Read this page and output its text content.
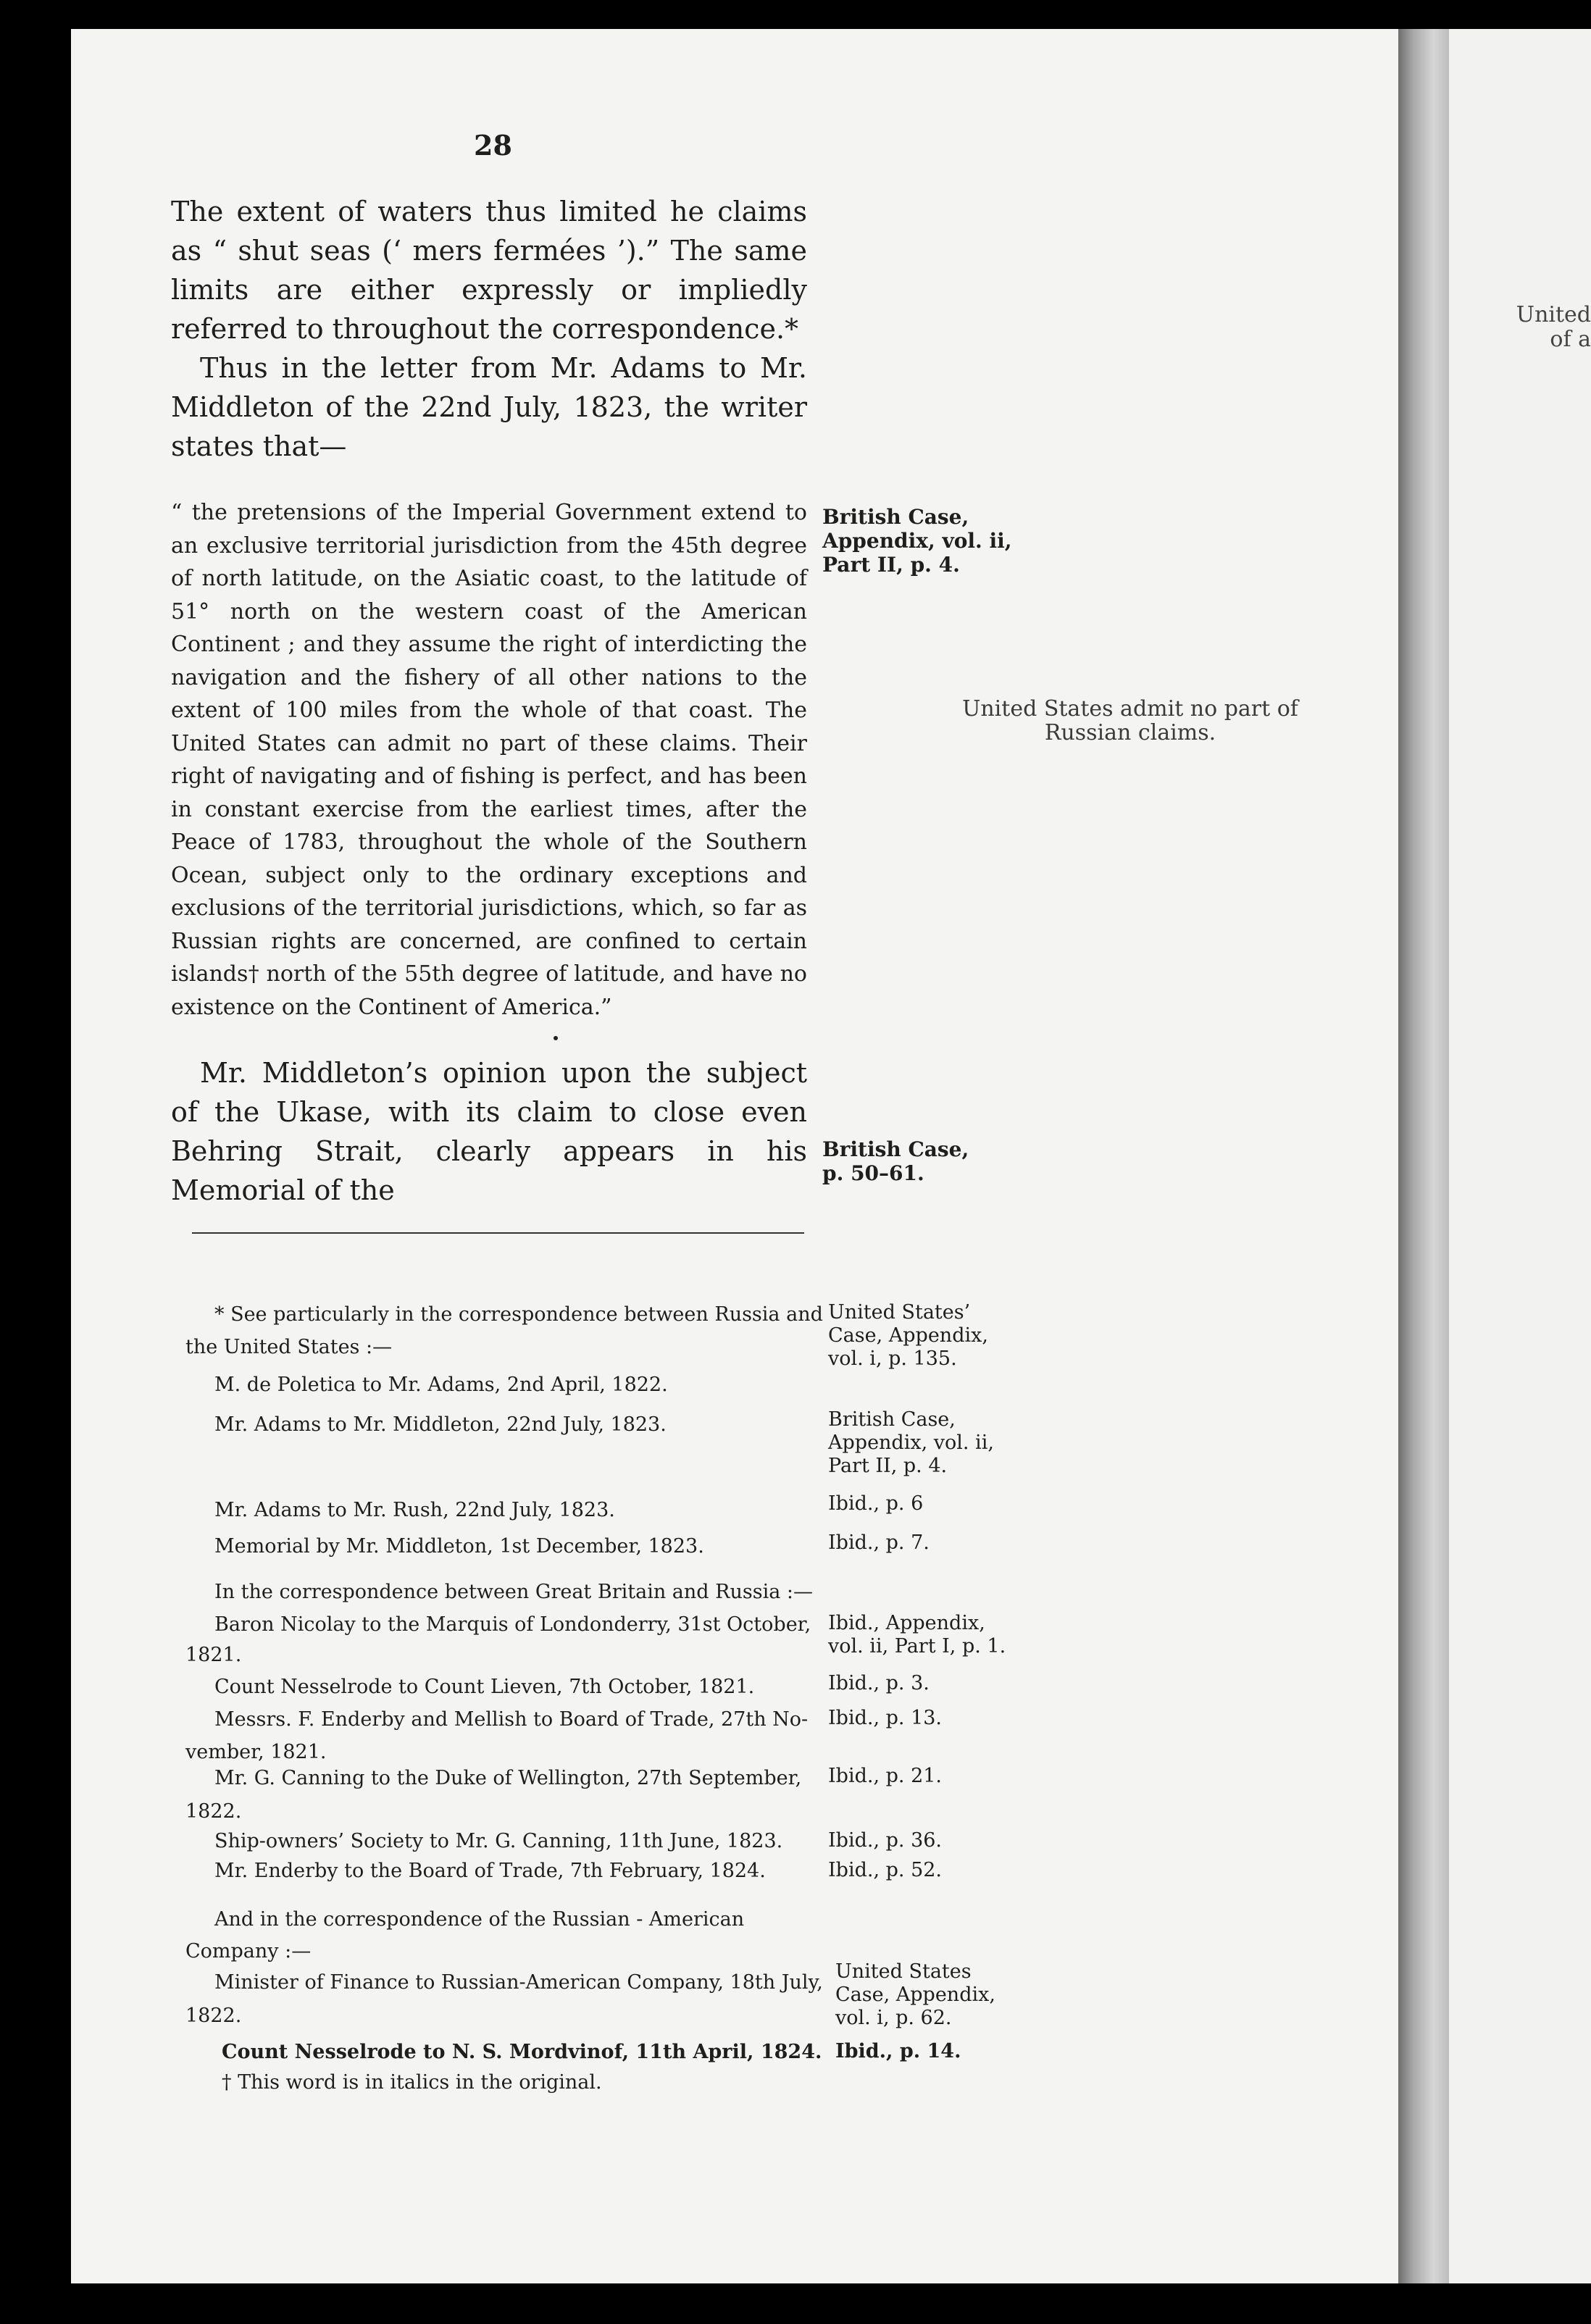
United
of a
28

The extent of waters thus limited he claims as “ shut seas (‘ mers fermées ’).” The same limits are either expressly or impliedly referred to throughout the correspondence.*

Thus in the letter from Mr. Adams to Mr. Middleton of the 22nd July, 1823, the writer states that—

“ the pretensions of the Imperial Government extend to an exclusive territorial jurisdiction from the 45th degree of north latitude, on the Asiatic coast, to the latitude of 51° north on the western coast of the American Continent ; and they assume the right of interdicting the navigation and the fishery of all other nations to the extent of 100 miles from the whole of that coast. The United States can admit no part of these claims. Their right of navigating and of fishing is perfect, and has been in constant exercise from the earliest times, after the Peace of 1783, throughout the whole of the Southern Ocean, subject only to the ordinary exceptions and exclusions of the territorial jurisdictions, which, so far as Russian rights are concerned, are confined to certain islands† north of the 55th degree of latitude, and have no existence on the Continent of America.”

Mr. Middleton’s opinion upon the subject of the Ukase, with its claim to close even Behring Strait, clearly appears in his Memorial of the

British Case,
Appendix, vol. ii,
Part II, p. 4.
United States admit no part of
Russian claims.
British Case,
p. 50–61.
* See particularly in the correspondence between Russia and
the United States :—
M. de Poletica to Mr. Adams, 2nd April, 1822.
Mr. Adams to Mr. Middleton, 22nd July, 1823.
Mr. Adams to Mr. Rush, 22nd July, 1823.
Memorial by Mr. Middleton, 1st December, 1823.
In the correspondence between Great Britain and Russia :—
Baron Nicolay to the Marquis of Londonderry, 31st October,
1821.
Count Nesselrode to Count Lieven, 7th October, 1821.
Messrs. F. Enderby and Mellish to Board of Trade, 27th No-
vember, 1821.
Mr. G. Canning to the Duke of Wellington, 27th September,
1822.
Ship-owners’ Society to Mr. G. Canning, 11th June, 1823.
Mr. Enderby to the Board of Trade, 7th February, 1824.
And in the correspondence of the Russian - American
Company :—
Minister of Finance to Russian-American Company, 18th July,
1822.
Count Nesselrode to N. S. Mordvinof, 11th April, 1824.
† This word is in italics in the original.
United States’
Case, Appendix,
vol. i, p. 135.
British Case,
Appendix, vol. ii,
Part II, p. 4.
Ibid., p. 6
Ibid., p. 7.
Ibid., Appendix,
vol. ii, Part I, p. 1.
Ibid., p. 3.
Ibid., p. 13.
Ibid., p. 21.
Ibid., p. 36.
Ibid., p. 52.
United States
Case, Appendix,
vol. i, p. 62.
Ibid., p. 14.
